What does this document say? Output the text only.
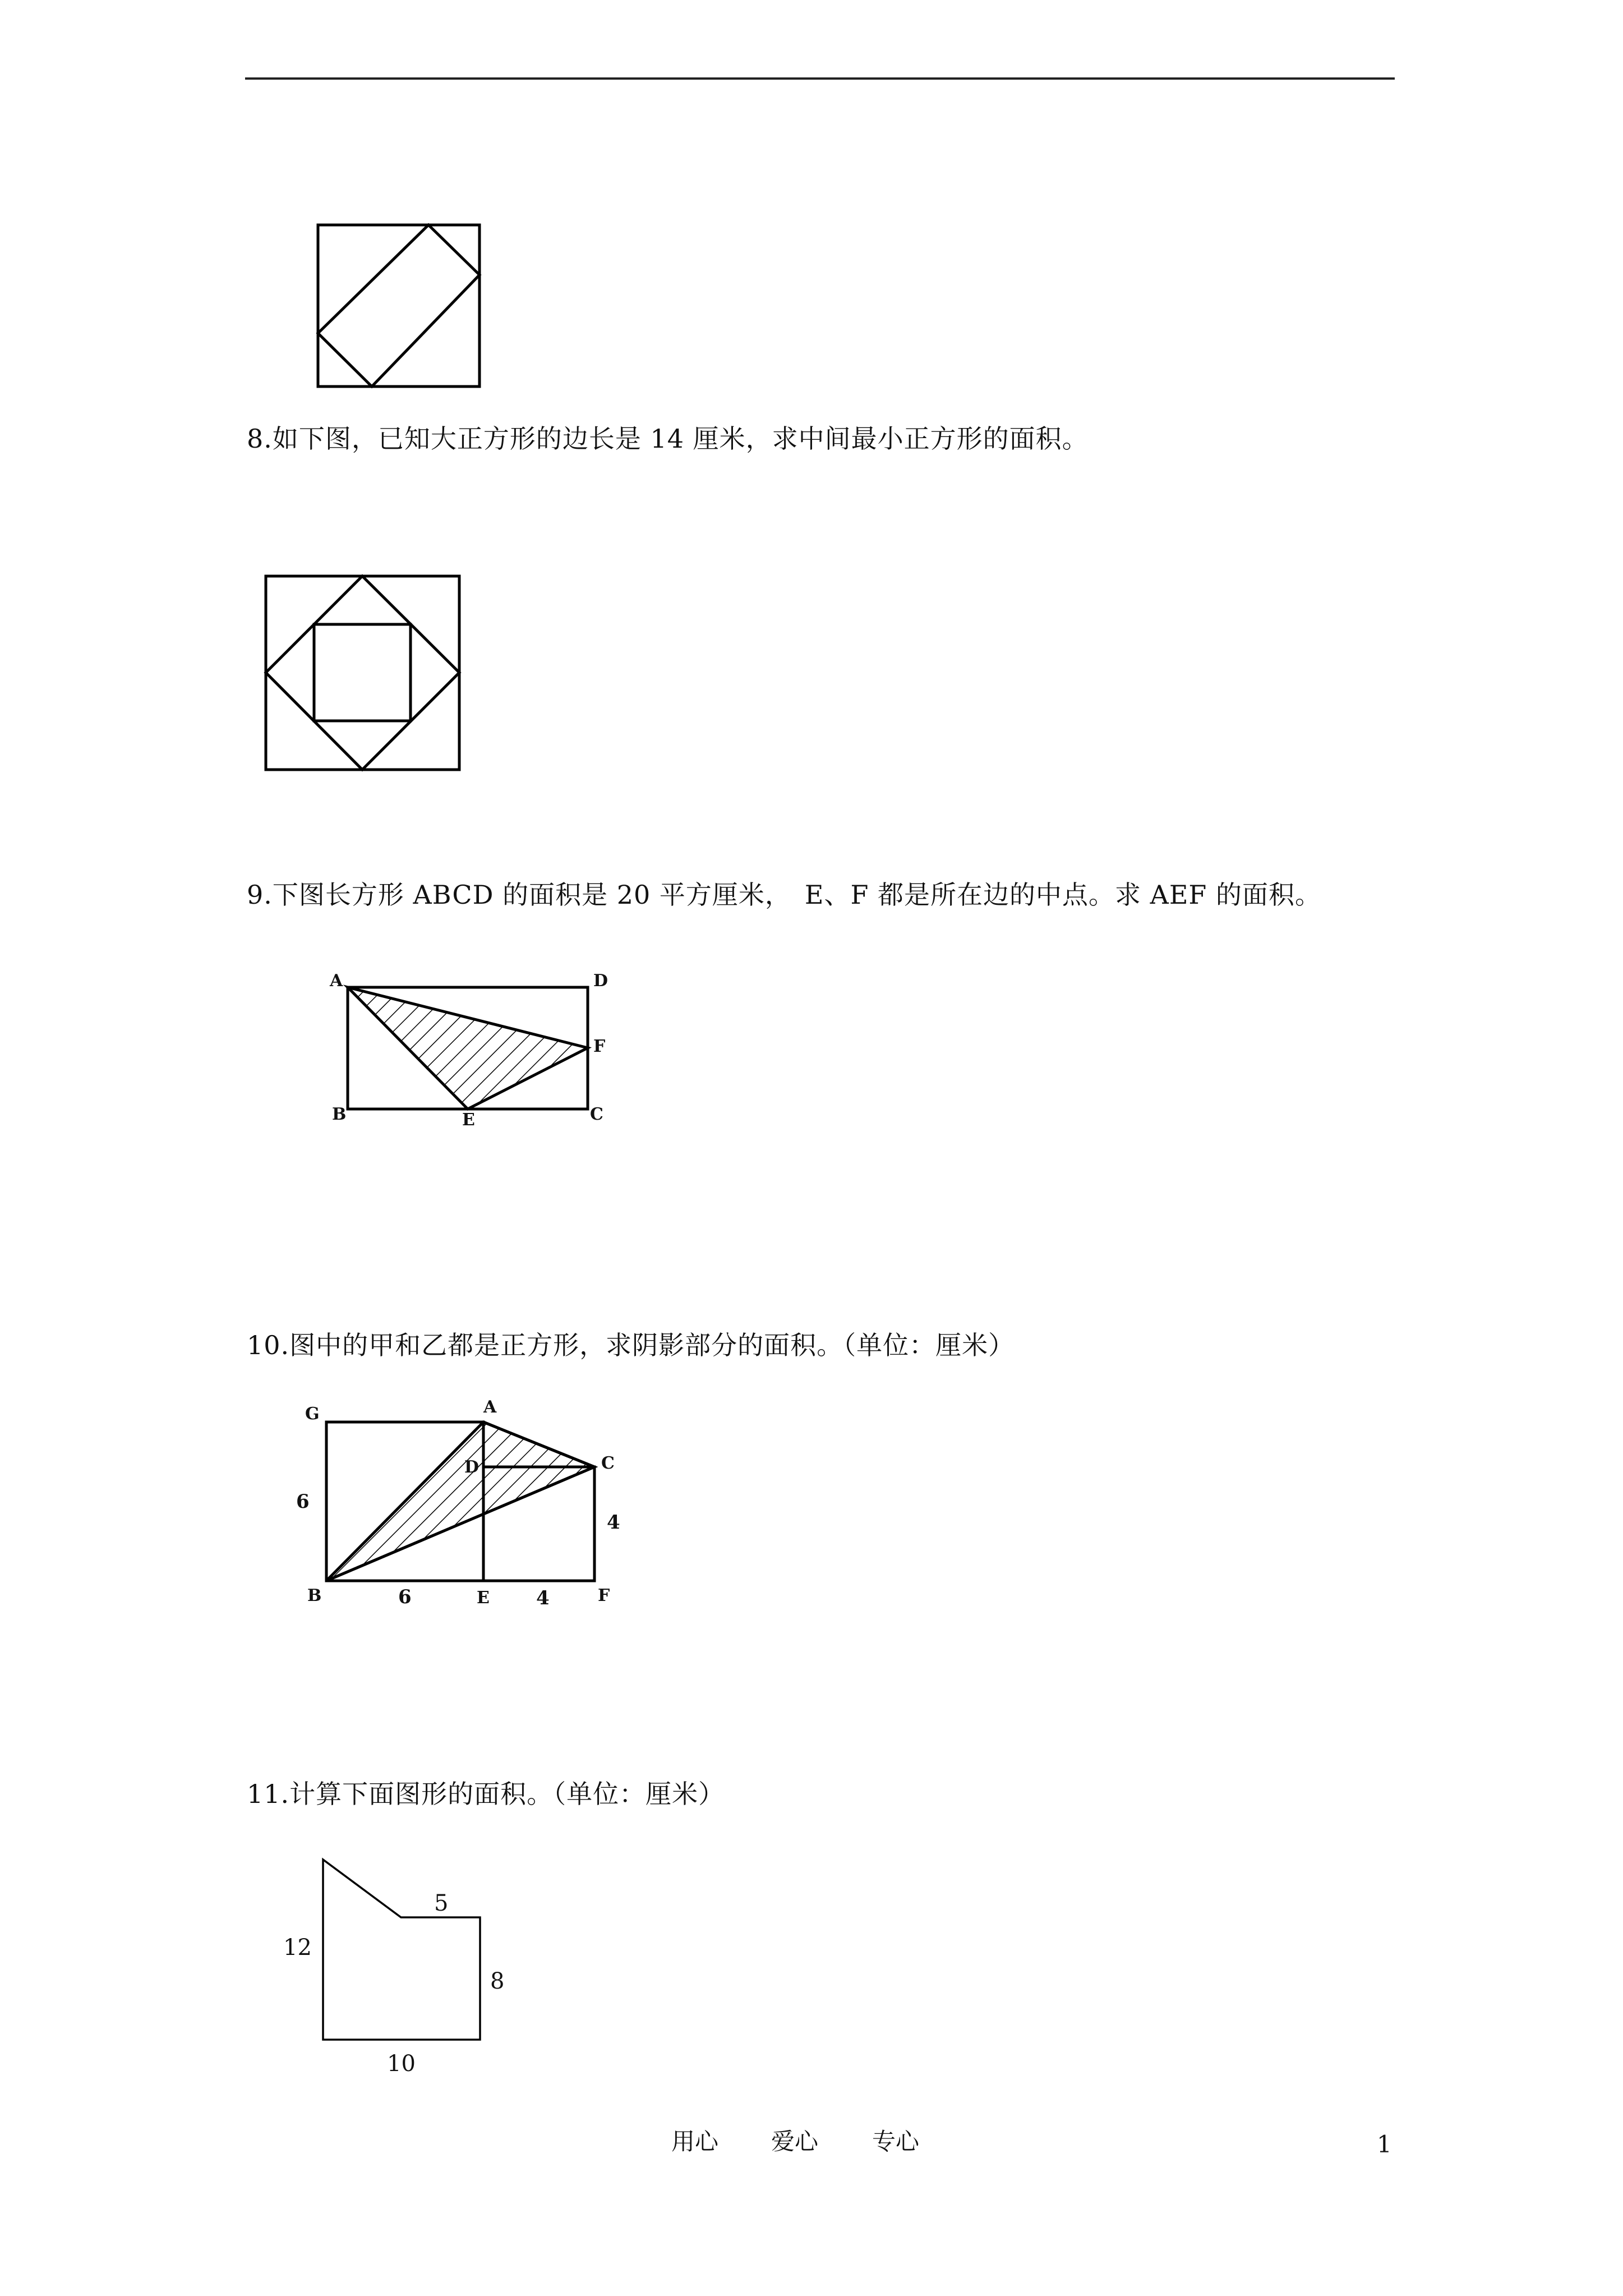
8.如下图，已知大正方形的边长是 14 厘米，求中间最小正方形的面积。
9.下图长方形 ABCD 的面积是 20 平方厘米，　E、F 都是所在边的中点。求 AEF 的面积。
A	D
F
B	E	C
10.图中的甲和乙都是正方形，求阴影部分的面积。（单位：厘米）
G	A
D	C
B	E	F
6
6	4
4
11.计算下面图形的面积。（单位：厘米）
12
5
8
10
用心 爱心 专心	1
